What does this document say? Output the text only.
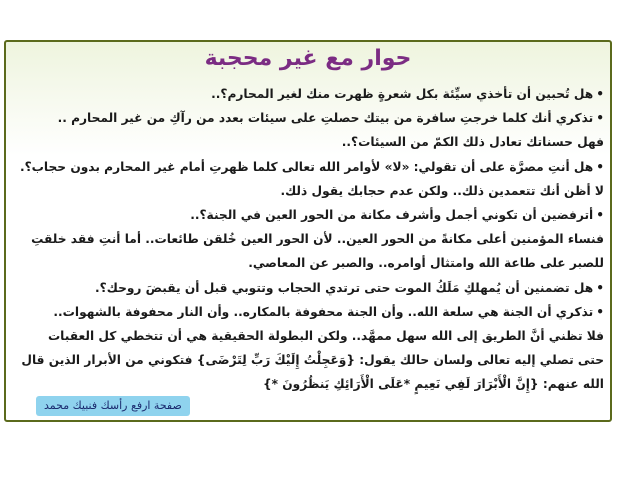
حوار مع غير محجبة
•هل تُحبين أن تأخذي سيِّئة بكل شعرةٍ ظهرت منك لغير المحارم؟..
•تذكري أنك كلما خرجتِ سافرة من بيتك حصلتِ على سيئات بعدد من رآكِ من غير المحارم ..
فهل حسناتك تعادل ذلك الكمّ من السيئات؟..
•هل أنتِ مصرَّة على أن تقولي: «لا» لأوامر الله تعالى كلما ظهرتِ أمام غير المحارم بدون حجاب؟.
لا أظن أنك تتعمدين ذلك.. ولكن عدم حجابك يقول ذلك.
•أترفضين أن تكوني أجمل وأشرف مكانة من الحور العين في الجنة؟..
فنساء المؤمنين أعلى مكانةً من الحور العين.. لأن الحور العين خُلقن طائعات.. أما أنتِ فقد خلقتِ
للصبر على طاعة الله وامتثال أوامره.. والصبر عن المعاصي.
•هل تضمنين أن يُمهلكِ مَلَكُ الموت حتى ترتدي الحجاب وتتوبي قبل أن يقبضَ روحك؟.
•تذكري أن الجنة هي سلعة الله.. وأن الجنة محفوفة بالمكاره.. وأن النار محفوفة بالشهوات..
فلا تظني أنَّ الطريق إلى الله سهل ممهَّد.. ولكن البطولة الحقيقية هي أن تتخطي كل العقبات
حتى تصلي إليه تعالى ولسان حالك يقول: {وَعَجِلْتُ إِلَيْكَ رَبِّ لِتَرْضَى} فتكوني من الأبرار الذين قال
الله عنهم: {إِنَّ الْأَبْرَارَ لَفِي نَعِيمٍ *عَلَى الْأَرَائِكِ يَنظُرُونَ *}
صفحة ارفع رأسك فنبيك محمد
